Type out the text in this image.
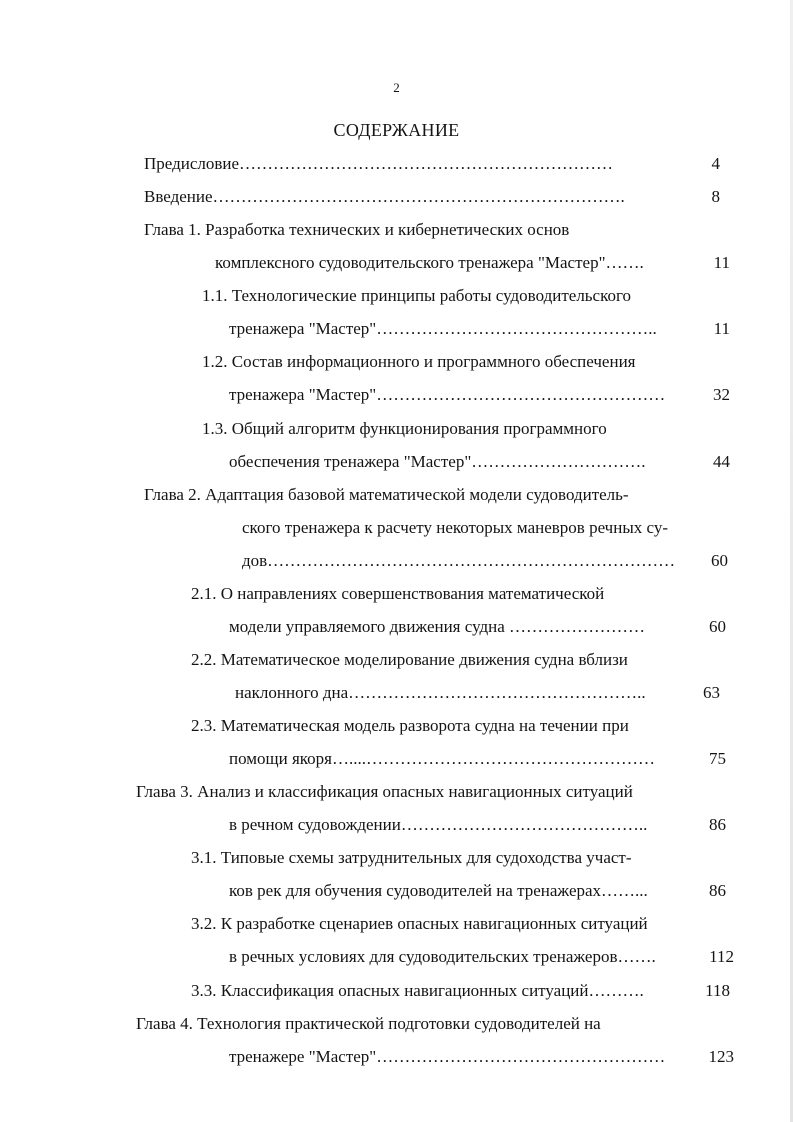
2
СОДЕРЖАНИЕ
Предисловие…………………………………………………………	4
Введение……………………………………………………………….	8
Глава 1. Разработка технических и кибернетических основ
комплексного судоводительского тренажера "Мастер"…….	11
1.1. Технологические принципы работы судоводительского
тренажера "Мастер"…………………………………………..	11
1.2. Состав информационного и программного обеспечения
тренажера "Мастер"……………………………………………	32
1.3. Общий алгоритм функционирования программного
обеспечения тренажера "Мастер"………………………….	44
Глава 2. Адаптация базовой математической модели судоводитель-
ского тренажера к расчету некоторых маневров речных су-
дов………………………………………………………………	60
2.1. О направлениях совершенствования математической
модели управляемого движения судна ……………………	60
2.2. Математическое моделирование движения судна вблизи
наклонного дна……………………………………………..	63
2.3. Математическая модель разворота судна на течении при
помощи якоря…....……………………………………………	75
Глава 3. Анализ и классификация опасных навигационных ситуаций
в речном судовождении……………………………………..	86
3.1. Типовые схемы затруднительных для судоходства участ-
ков рек для обучения судоводителей на тренажерах……...	86
3.2. К разработке сценариев опасных навигационных ситуаций
в речных условиях для судоводительских тренажеров…….	112
3.3. Классификация опасных навигационных ситуаций……….	118
Глава 4. Технология практической подготовки судоводителей на
тренажере "Мастер"……………………………………………	123
